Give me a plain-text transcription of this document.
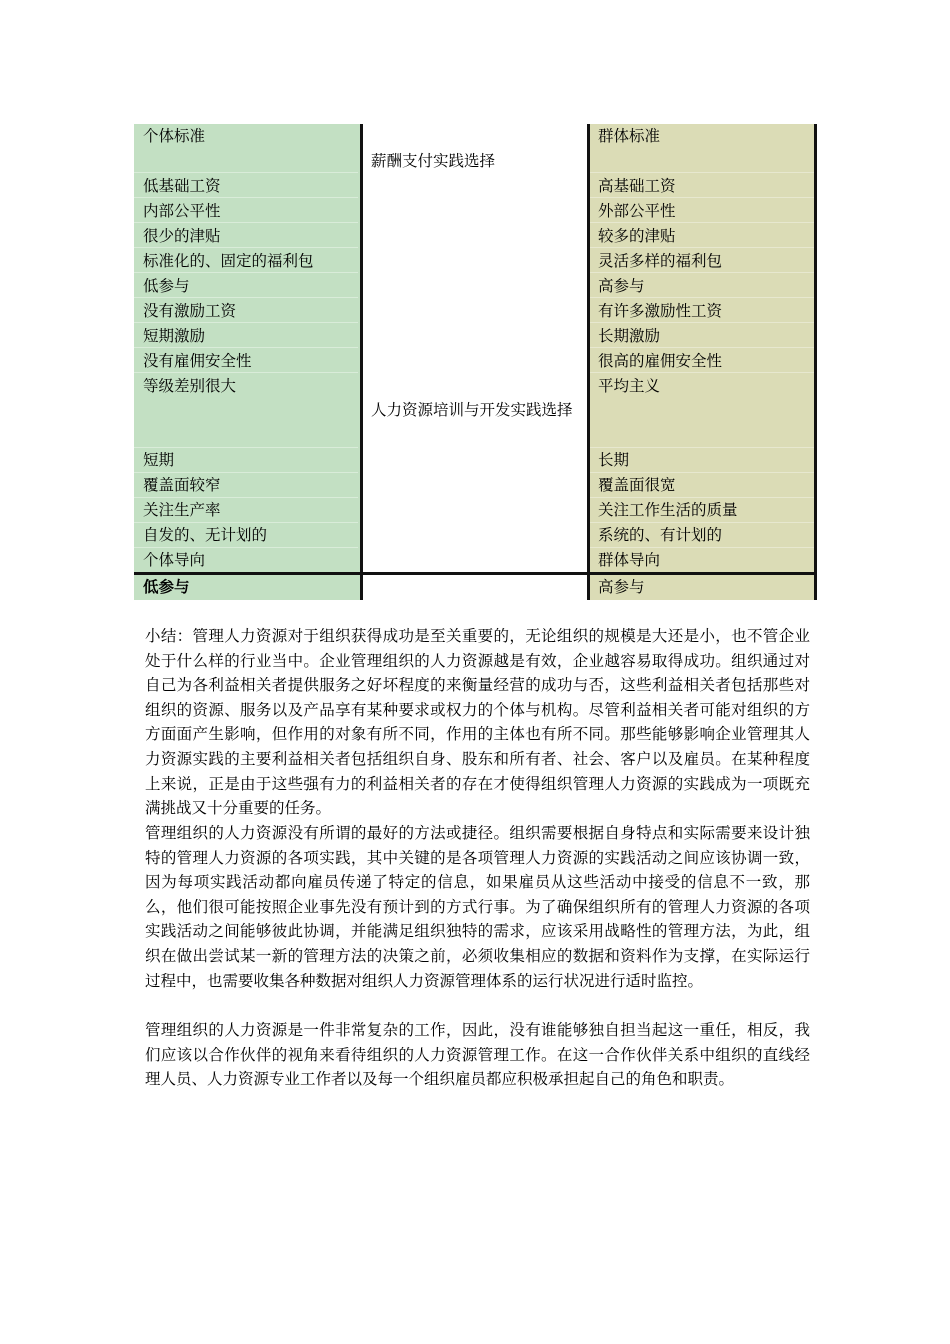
个体标准	群体标准
薪酬支付实践选择
人力资源培训与开发实践选择
低基础工资
内部公平性
很少的津贴
标准化的、固定的福利包
低参与
没有激励工资
短期激励
没有雇佣安全性
等级差别很大
高基础工资
外部公平性
较多的津贴
灵活多样的福利包
高参与
有许多激励性工资
长期激励
很高的雇佣安全性
平均主义
短期
覆盖面较窄
关注生产率
自发的、无计划的
个体导向
长期
覆盖面很宽
关注工作生活的质量
系统的、有计划的
群体导向
低参与	高参与

小结：管理人力资源对于组织获得成功是至关重要的，无论组织的规模是大还是小，也不管企业处于什么样的行业当中。企业管理组织的人力资源越是有效，企业越容易取得成功。组织通过对自己为各利益相关者提供服务之好坏程度的来衡量经营的成功与否，这些利益相关者包括那些对组织的资源、服务以及产品享有某种要求或权力的个体与机构。尽管利益相关者可能对组织的方方面面产生影响，但作用的对象有所不同，作用的主体也有所不同。那些能够影响企业管理其人力资源实践的主要利益相关者包括组织自身、股东和所有者、社会、客户以及雇员。在某种程度上来说，正是由于这些强有力的利益相关者的存在才使得组织管理人力资源的实践成为一项既充满挑战又十分重要的任务。

管理组织的人力资源没有所谓的最好的方法或捷径。组织需要根据自身特点和实际需要来设计独特的管理人力资源的各项实践，其中关键的是各项管理人力资源的实践活动之间应该协调一致，因为每项实践活动都向雇员传递了特定的信息，如果雇员从这些活动中接受的信息不一致，那么，他们很可能按照企业事先没有预计到的方式行事。为了确保组织所有的管理人力资源的各项实践活动之间能够彼此协调，并能满足组织独特的需求，应该采用战略性的管理方法，为此，组织在做出尝试某一新的管理方法的决策之前，必须收集相应的数据和资料作为支撑，在实际运行过程中，也需要收集各种数据对组织人力资源管理体系的运行状况进行适时监控。

管理组织的人力资源是一件非常复杂的工作，因此，没有谁能够独自担当起这一重任，相反，我们应该以合作伙伴的视角来看待组织的人力资源管理工作。在这一合作伙伴关系中组织的直线经理人员、人力资源专业工作者以及每一个组织雇员都应积极承担起自己的角色和职责。
